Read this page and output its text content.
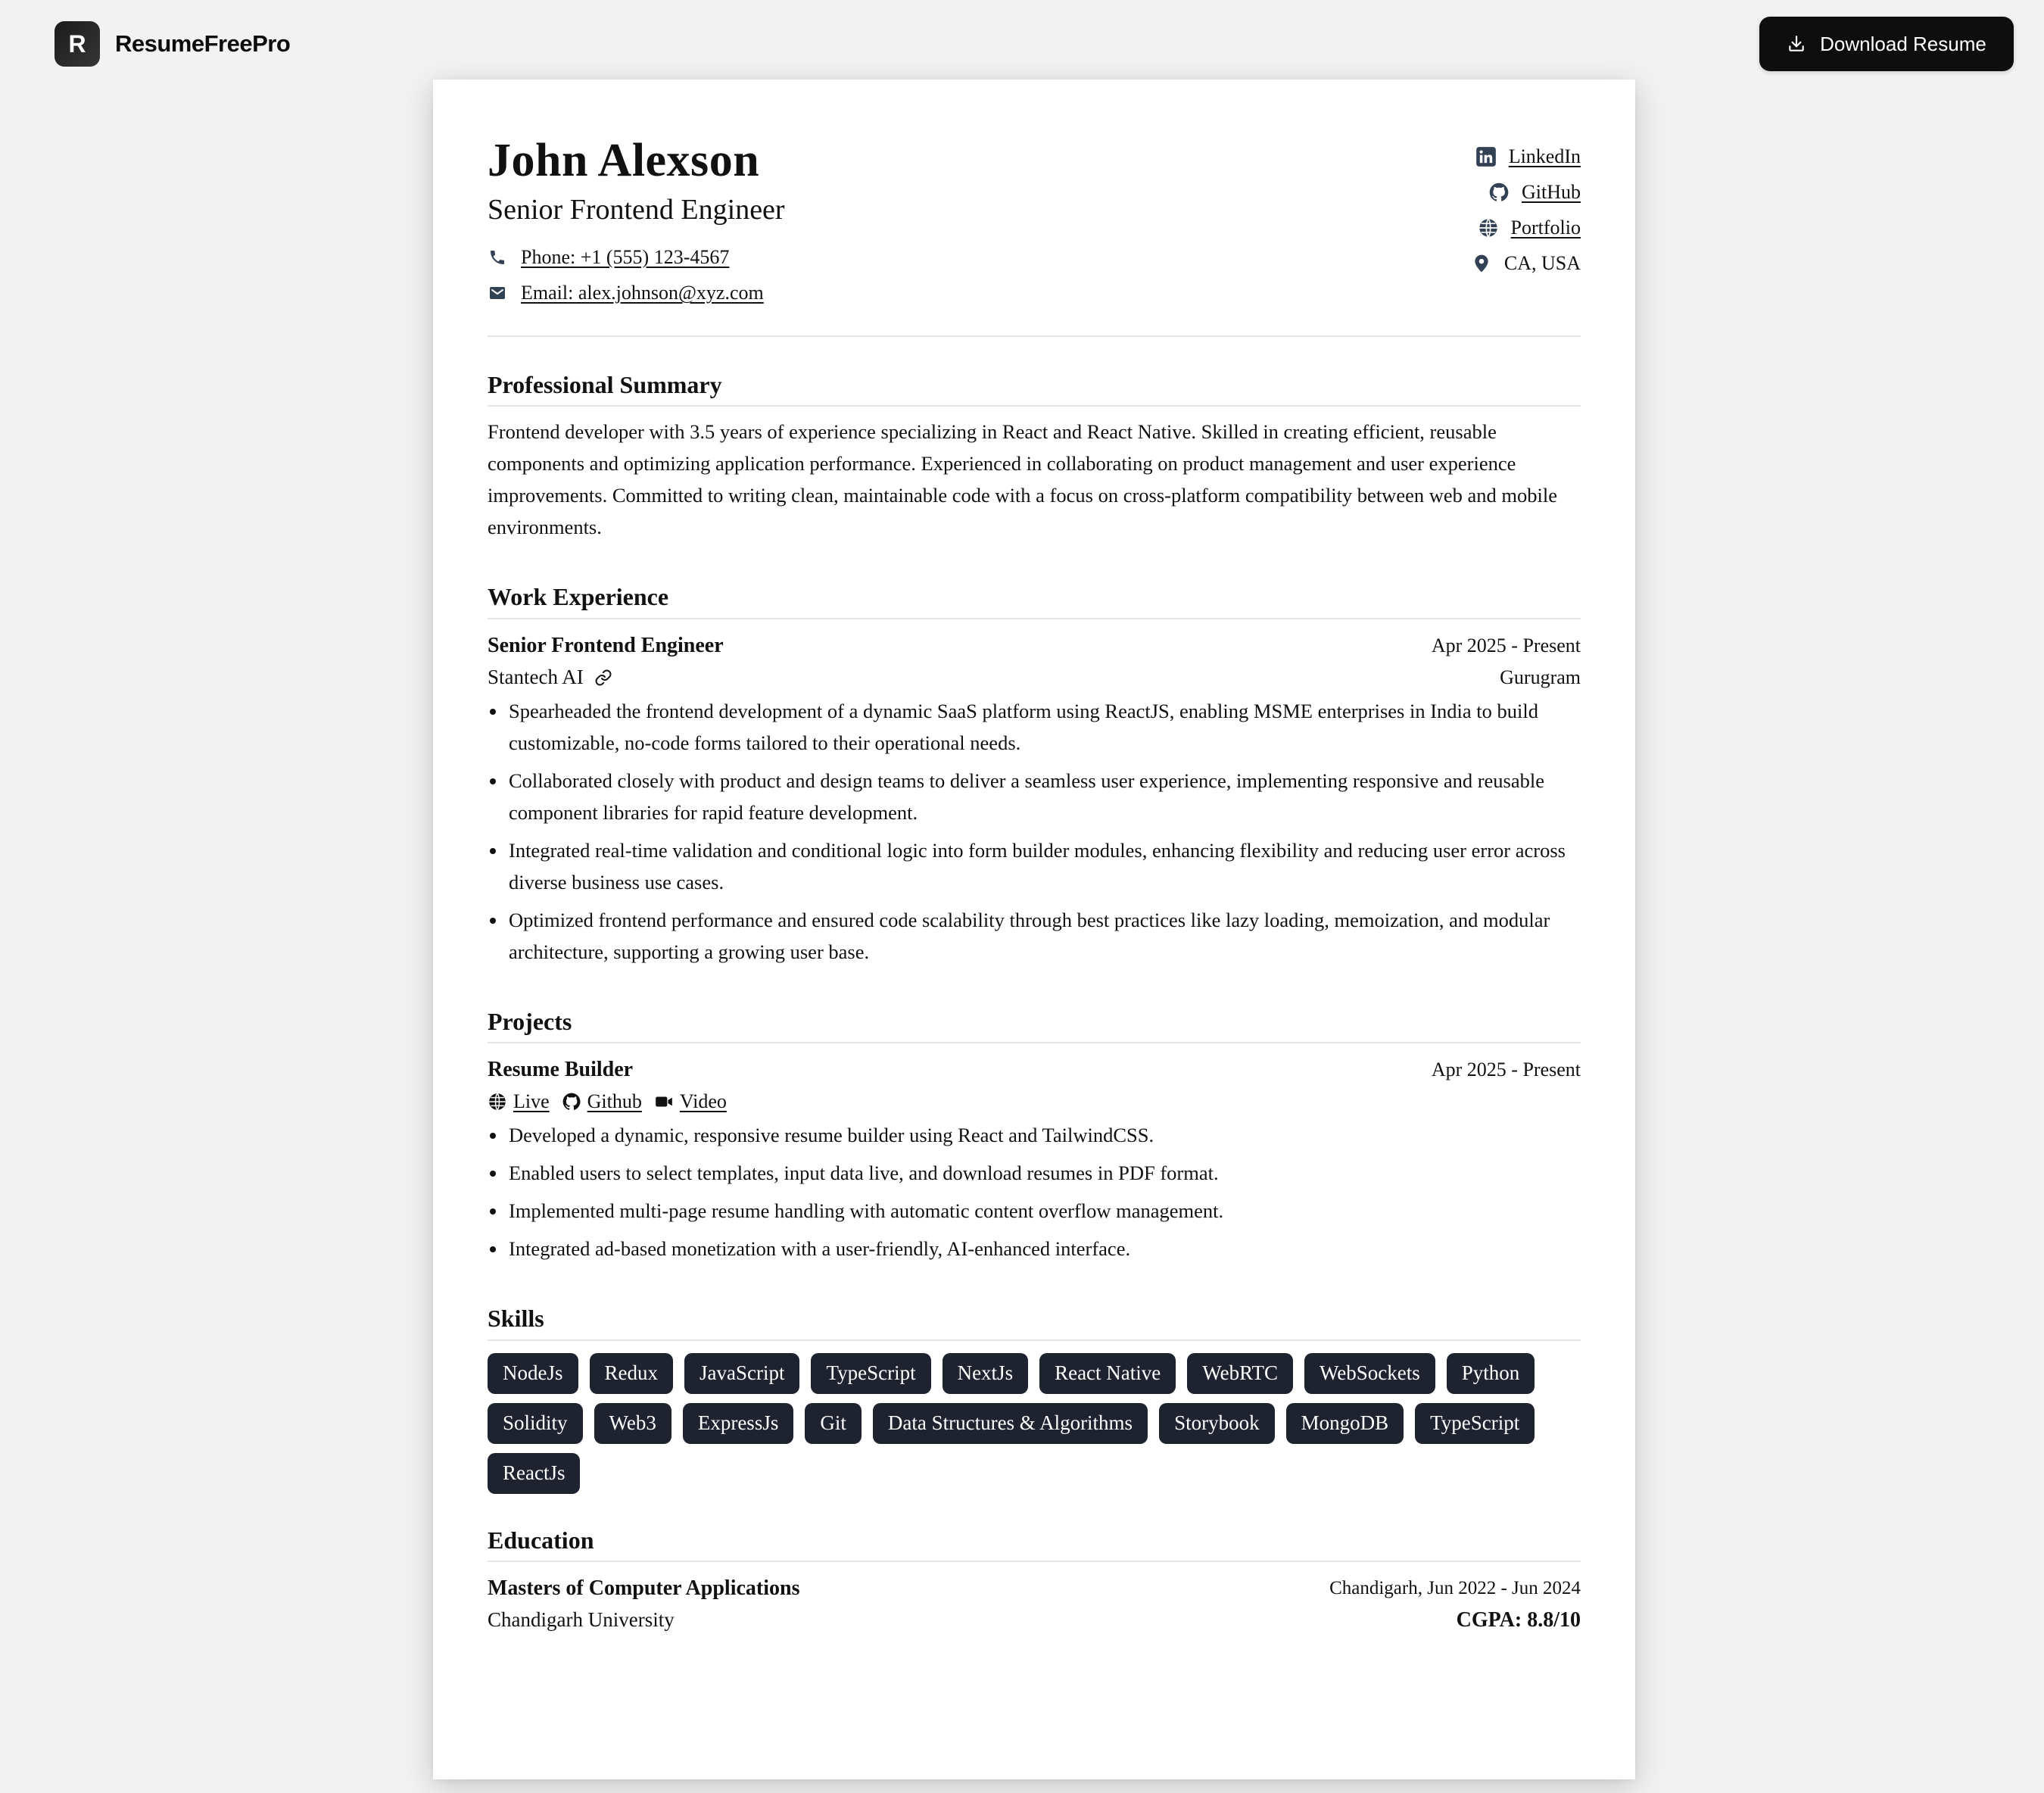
R	ResumeFreePro	Download Resume
John Alexson
Senior Frontend Engineer
Phone: +1 (555) 123-4567
Email: alex.johnson@xyz.com
LinkedIn
GitHub
Portfolio
CA, USA
Professional Summary

Frontend developer with 3.5 years of experience specializing in React and React Native. Skilled in creating efficient, reusable components and optimizing application performance. Experienced in collaborating on product management and user experience improvements. Committed to writing clean, maintainable code with a focus on cross-platform compatibility between web and mobile environments.

Work Experience
Senior Frontend Engineer	Apr 2025 - Present
Stantech AI	Gurugram
Spearheaded the frontend development of a dynamic SaaS platform using ReactJS, enabling MSME enterprises in India to build customizable, no-code forms tailored to their operational needs.
Collaborated closely with product and design teams to deliver a seamless user experience, implementing responsive and reusable component libraries for rapid feature development.
Integrated real-time validation and conditional logic into form builder modules, enhancing flexibility and reducing user error across diverse business use cases.
Optimized frontend performance and ensured code scalability through best practices like lazy loading, memoization, and modular architecture, supporting a growing user base.
Projects
Resume Builder	Apr 2025 - Present
Live Github Video
Developed a dynamic, responsive resume builder using React and TailwindCSS.
Enabled users to select templates, input data live, and download resumes in PDF format.
Implemented multi-page resume handling with automatic content overflow management.
Integrated ad-based monetization with a user-friendly, AI-enhanced interface.
Skills
NodeJs	Redux	JavaScript	TypeScript	NextJs	React Native	WebRTC	WebSockets	Python
Solidity	Web3	ExpressJs	Git	Data Structures & Algorithms	Storybook	MongoDB	TypeScript
ReactJs
Education
Masters of Computer Applications	Chandigarh, Jun 2022 - Jun 2024
Chandigarh University	CGPA: 8.8/10
